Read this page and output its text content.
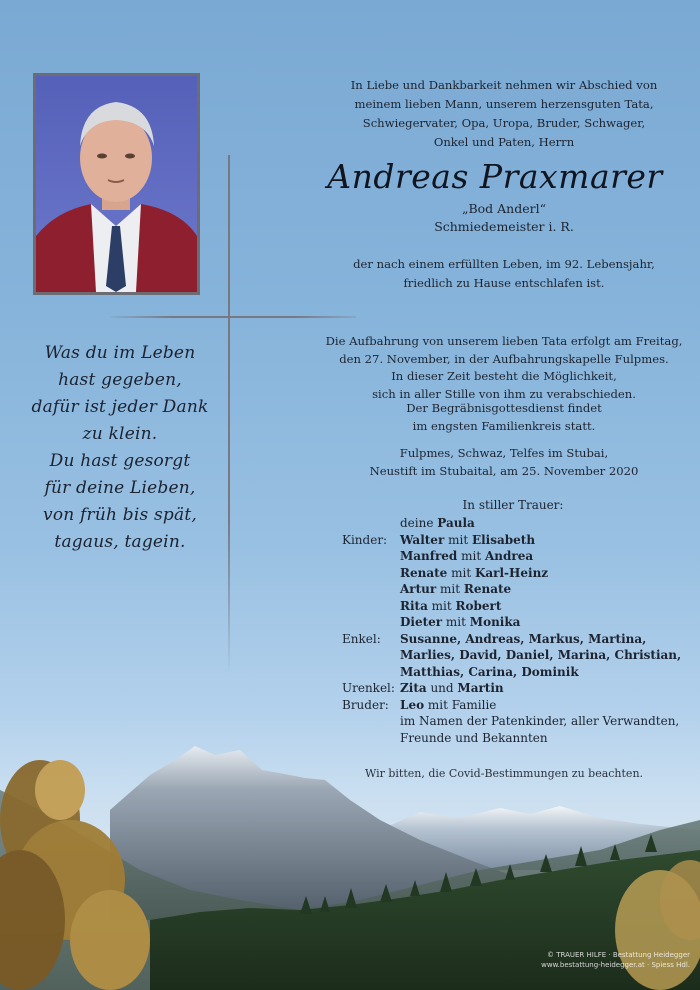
Was du im Leben
hast gegeben,
dafür ist jeder Dank
zu klein.
Du hast gesorgt
für deine Lieben,
von früh bis spät,
tagaus, tagein.
In Liebe und Dankbarkeit nehmen wir Abschied von
meinem lieben Mann, unserem herzensguten Tata,
Schwiegervater, Opa, Uropa, Bruder, Schwager,
Onkel und Paten, Herrn
Andreas Praxmarer
„Bod Anderl“
Schmiedemeister i. R.
der nach einem erfüllten Leben, im 92. Lebensjahr,
friedlich zu Hause entschlafen ist.
Die Aufbahrung von unserem lieben Tata erfolgt am Freitag,
den 27. November, in der Aufbahrungskapelle Fulpmes.
In dieser Zeit besteht die Möglichkeit,
sich in aller Stille von ihm zu verabschieden.
Der Begräbnisgottesdienst findet
im engsten Familienkreis statt.
Fulpmes, Schwaz, Telfes im Stubai,
Neustift im Stubaital, am 25. November 2020
In stiller Trauer:
deine Paula
Kinder:	Walter mit Elisabeth
Manfred mit Andrea
Renate mit Karl-Heinz
Artur mit Renate
Rita mit Robert
Dieter mit Monika
Enkel:	Susanne, Andreas, Markus, Martina,
Marlies, David, Daniel, Marina, Christian,
Matthias, Carina, Dominik
Urenkel: Zita und Martin
Bruder: Leo mit Familie
im Namen der Patenkinder, aller Verwandten,
Freunde und Bekannten
Wir bitten, die Covid-Bestimmungen zu beachten.
© TRAUER HILFE · Bestattung Heidegger
www.bestattung-heidegger.at · Spiess Hdl.
